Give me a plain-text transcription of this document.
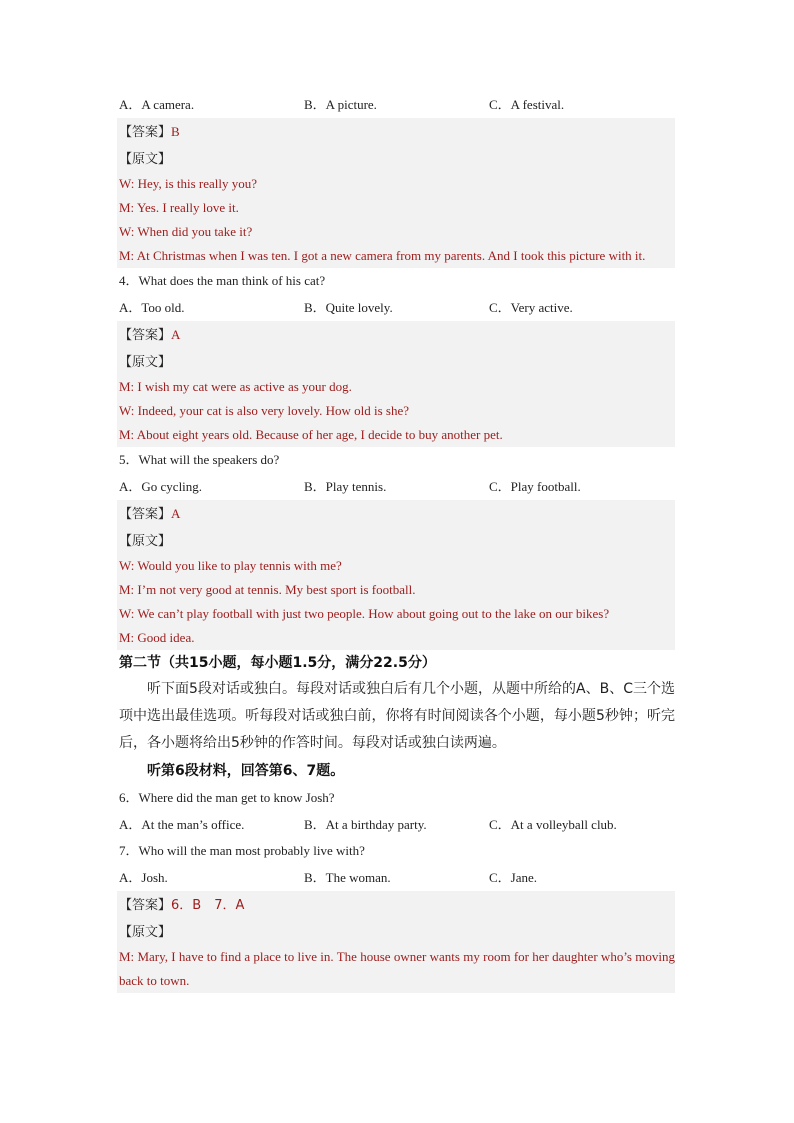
A．A camera.	B．A picture.	C．A festival.
【答案】B
【原文】
W: Hey, is this really you?
M: Yes. I really love it.
W: When did you take it?
M: At Christmas when I was ten. I got a new camera from my parents. And I took this picture with it.
4．What does the man think of his cat?
A．Too old.	B．Quite lovely.	C．Very active.
【答案】A
【原文】
M: I wish my cat were as active as your dog.
W: Indeed, your cat is also very lovely. How old is she?
M: About eight years old. Because of her age, I decide to buy another pet.
5．What will the speakers do?
A．Go cycling.	B．Play tennis.	C．Play football.
【答案】A
【原文】
W: Would you like to play tennis with me?
M: I’m not very good at tennis. My best sport is football.
W: We can’t play football with just two people. How about going out to the lake on our bikes?
M: Good idea.
第二节（共15小题，每小题1.5分，满分22.5分）
听下面5段对话或独白。每段对话或独白后有几个小题，从题中所给的A、B、C三个选项中选出最佳选项。听每段对话或独白前，你将有时间阅读各个小题，每小题5秒钟；听完后，各小题将给出5秒钟的作答时间。每段对话或独白读两遍。
听第6段材料，回答第6、7题。
6．Where did the man get to know Josh?
A．At the man’s office.	B．At a birthday party.	C．At a volleyball club.
7．Who will the man most probably live with?
A．Josh.	B．The woman.	C．Jane.
【答案】6．B　7．A
【原文】
M: Mary, I have to find a place to live in. The house owner wants my room for her daughter who’s moving back to town.
